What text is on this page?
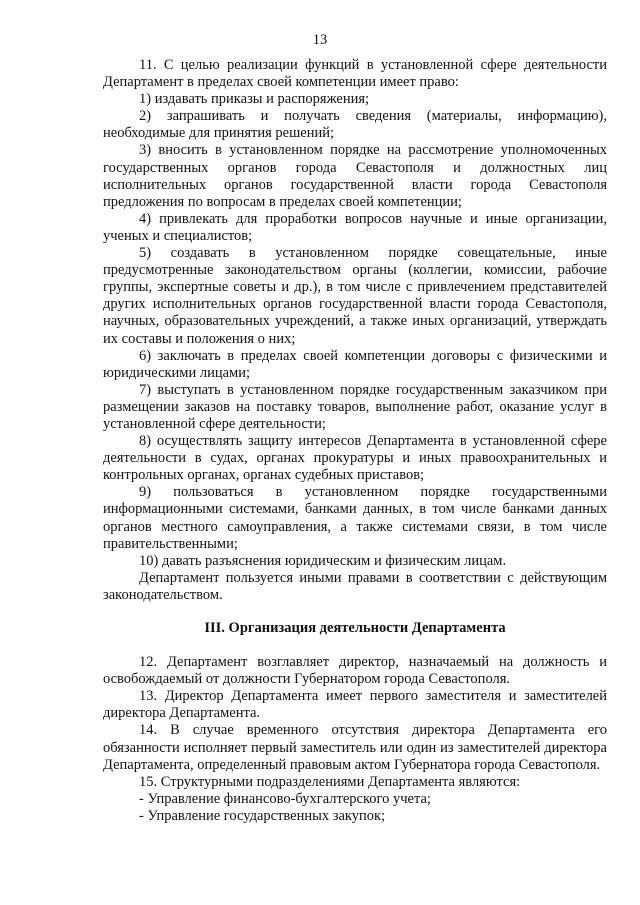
13

11. С целью реализации функций в установленной сфере деятельности Департамент в пределах своей компетенции имеет право:

1) издавать приказы и распоряжения;

2) запрашивать и получать сведения (материалы, информацию), необходимые для принятия решений;

3) вносить в установленном порядке на рассмотрение уполномоченных государственных органов города Севастополя и должностных лиц исполнительных органов государственной власти города Севастополя предложения по вопросам в пределах своей компетенции;

4) привлекать для проработки вопросов научные и иные организации, ученых и специалистов;

5) создавать в установленном порядке совещательные, иные предусмотренные законодательством органы (коллегии, комиссии, рабочие группы, экспертные советы и др.), в том числе с привлечением представителей других исполнительных органов государственной власти города Севастополя, научных, образовательных учреждений, а также иных организаций, утверждать их составы и положения о них;

6) заключать в пределах своей компетенции договоры с физическими и юридическими лицами;

7) выступать в установленном порядке государственным заказчиком при размещении заказов на поставку товаров, выполнение работ, оказание услуг в установленной сфере деятельности;

8) осуществлять защиту интересов Департамента в установленной сфере деятельности в судах, органах прокуратуры и иных правоохранительных и контрольных органах, органах судебных приставов;

9) пользоваться в установленном порядке государственными информационными системами, банками данных, в том числе банками данных органов местного самоуправления, а также системами связи, в том числе правительственными;

10) давать разъяснения юридическим и физическим лицам.

Департамент пользуется иными правами в соответствии с действующим законодательством.

III. Организация деятельности Департамента

12. Департамент возглавляет директор, назначаемый на должность и освобождаемый от должности Губернатором города Севастополя.

13. Директор Департамента имеет первого заместителя и заместителей директора Департамента.

14. В случае временного отсутствия директора Департамента его обязанности исполняет первый заместитель или один из заместителей директора Департамента, определенный правовым актом Губернатора города Севастополя.

15. Структурными подразделениями Департамента являются:

- Управление финансово-бухгалтерского учета;

- Управление государственных закупок;
